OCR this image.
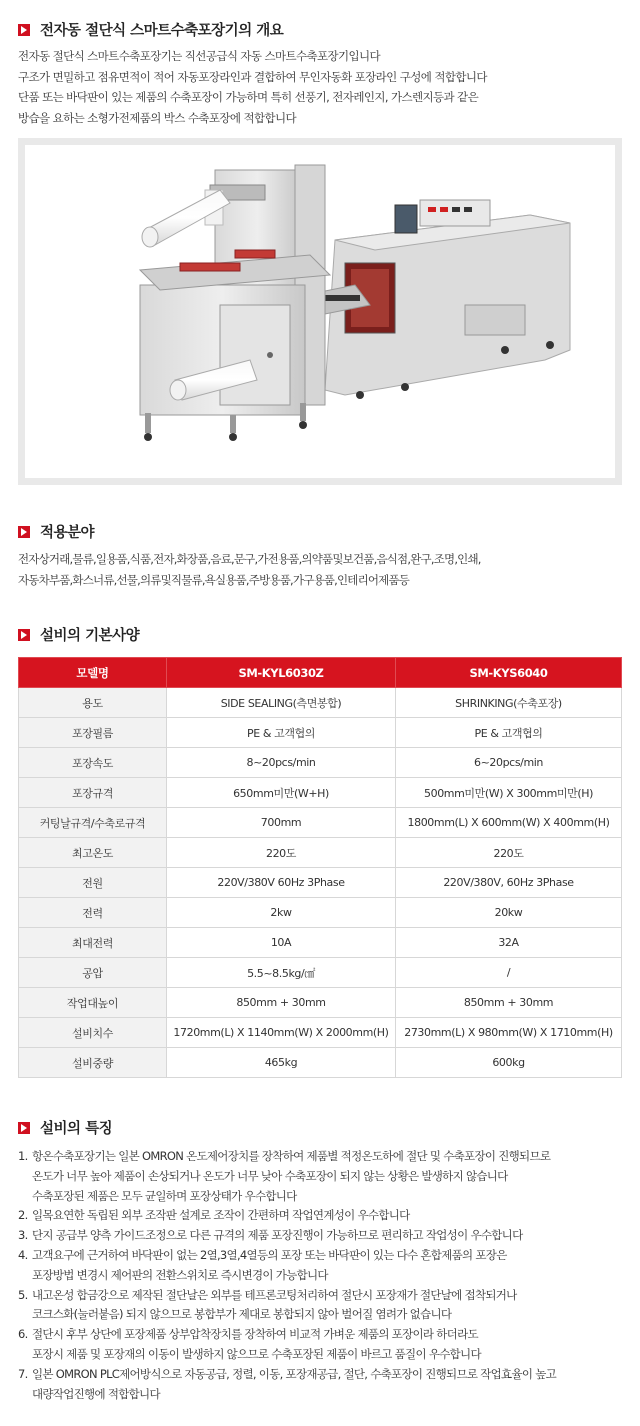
전자동 절단식 스마트수축포장기의 개요
전자동 절단식 스마트수축포장기는 직선공급식 자동 스마트수축포장기입니다
구조가 면밀하고 점유면적이 적어 자동포장라인과 결합하여 무인자동화 포장라인 구성에 적합합니다
단품 또는 바닥판이 있는 제품의 수축포장이 가능하며 특히 선풍기, 전자레인지, 가스렌지등과 같은
방습을 요하는 소형가전제품의 박스 수축포장에 적합합니다
적용분야
전자상거래,물류,일용품,식품,전자,화장품,음료,문구,가전용품,의약품및보건품,음식점,완구,조명,인쇄,
자동차부품,화스너류,선물,의류및직물류,욕실용품,주방용품,가구용품,인테리어제품등
설비의 기본사양
모델명	SM-KYL6030Z	SM-KYS6040
용도	SIDE SEALING(측면봉합)	SHRINKING(수축포장)
포장필름	PE & 고객협의	PE & 고객협의
포장속도	8~20pcs/min	6~20pcs/min
포장규격	650mm미만(W+H)	500mm미만(W) X 300mm미만(H)
커팅날규격/수축로규격	700mm	1800mm(L) X 600mm(W) X 400mm(H)
최고온도	220도	220도
전원	220V/380V 60Hz 3Phase	220V/380V, 60Hz 3Phase
전력	2kw	20kw
최대전력	10A	32A
공압	5.5~8.5kg/㎠	/
작업대높이	850mm + 30mm	850mm + 30mm
설비치수	1720mm(L) X 1140mm(W) X 2000mm(H)	2730mm(L) X 980mm(W) X 1710mm(H)
설비중량	465kg	600kg
설비의 특징
1. 항온수축포장기는 일본 OMRON 온도제어장치를 장착하여 제품별 적정온도하에 절단 및 수축포장이 진행되므로
온도가 너무 높아 제품이 손상되거나 온도가 너무 낮아 수축포장이 되지 않는 상황은 발생하지 않습니다
수축포장된 제품은 모두 균일하며 포장상태가 우수합니다
2. 일목요연한 독립된 외부 조작판 설계로 조작이 간편하며 작업연계성이 우수합니다
3. 단지 공급부 양측 가이드조정으로 다른 규격의 제품 포장진행이 가능하므로 편리하고 작업성이 우수합니다
4. 고객요구에 근거하여 바닥판이 없는 2열,3열,4열등의 포장 또는 바닥판이 있는 다수 혼합제품의 포장은
포장방법 변경시 제어판의 전환스위치로 즉시변경이 가능합니다
5. 내고온성 합금강으로 제작된 절단날은 외부를 테프론코팅처리하여 절단시 포장재가 절단날에 접착되거나
코크스화(눌러붙음) 되지 않으므로 봉합부가 제대로 봉합되지 않아 벌어질 염려가 없습니다
6. 절단시 후부 상단에 포장제품 상부압착장치를 장착하여 비교적 가벼운 제품의 포장이라 하더라도
포장시 제품 및 포장재의 이동이 발생하지 않으므로 수축포장된 제품이 바르고 품질이 우수합니다
7. 일본 OMRON PLC제어방식으로 자동공급, 정렬, 이동, 포장재공급, 절단, 수축포장이 진행되므로 작업효율이 높고
대량작업진행에 적합합니다
